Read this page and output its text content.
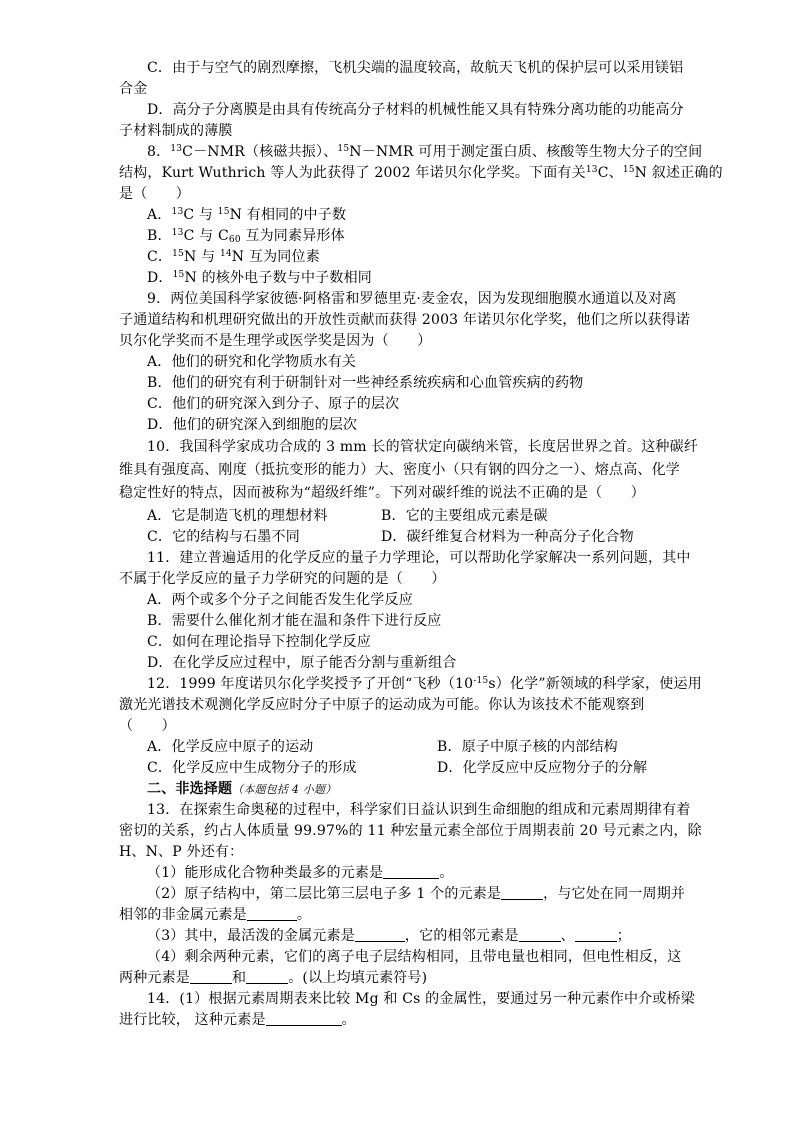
C．由于与空气的剧烈摩擦，飞机尖端的温度较高，故航天飞机的保护层可以采用镁铝
合金
D．高分子分离膜是由具有传统高分子材料的机械性能又具有特殊分离功能的功能高分
子材料制成的薄膜
8．$^{13}$C－NMR（核磁共振）、$^{15}$N－NMR 可用于测定蛋白质、核酸等生物大分子的空间
结构，Kurt Wuthrich 等人为此获得了 2002 年诺贝尔化学奖。下面有关$^{13}$C、$^{15}$N 叙述正确的
是（　　）
A．$^{13}$C 与 $^{15}$N 有相同的中子数
B．$^{13}$C 与 $C_{60}$ 互为同素异形体
C．$^{15}$N 与 $^{14}$N 互为同位素
D．$^{15}$N 的核外电子数与中子数相同
9．两位美国科学家彼德·阿格雷和罗德里克·麦金农，因为发现细胞膜水通道以及对离
子通道结构和机理研究做出的开放性贡献而获得 2003 年诺贝尔化学奖，他们之所以获得诺
贝尔化学奖而不是生理学或医学奖是因为（　　）
A．他们的研究和化学物质水有关
B．他们的研究有利于研制针对一些神经系统疾病和心血管疾病的药物
C．他们的研究深入到分子、原子的层次
D．他们的研究深入到细胞的层次
10．我国科学家成功合成的 3 mm 长的管状定向碳纳米管，长度居世界之首。这种碳纤
维具有强度高、刚度（抵抗变形的能力）大、密度小（只有钢的四分之一）、熔点高、化学
稳定性好的特点，因而被称为“超级纤维”。下列对碳纤维的说法不正确的是（　　）
A．它是制造飞机的理想材料	B．它的主要组成元素是碳
C．它的结构与石墨不同	D．碳纤维复合材料为一种高分子化合物
11．建立普遍适用的化学反应的量子力学理论，可以帮助化学家解决一系列问题，其中
不属于化学反应的量子力学研究的问题的是（　　）
A．两个或多个分子之间能否发生化学反应
B．需要什么催化剂才能在温和条件下进行反应
C．如何在理论指导下控制化学反应
D．在化学反应过程中，原子能否分割与重新组合
12．1999 年度诺贝尔化学奖授予了开创“飞秒$(10^{-15}s)$化学”新领域的科学家，使运用
激光光谱技术观测化学反应时分子中原子的运动成为可能。你认为该技术不能观察到
（　　）
A．化学反应中原子的运动	B．原子中原子核的内部结构
C．化学反应中生成物分子的形成	D．化学反应中反应物分子的分解
二、非选择题（本题包括 4 小题）
13．在探索生命奥秘的过程中，科学家们日益认识到生命细胞的组成和元素周期律有着
密切的关系，约占人体质量 99.97%的 11 种宏量元素全部位于周期表前 20 号元素之内，除
H、N、P 外还有：
（1）能形成化合物种类最多的元素是	。
（2）原子结构中，第二层比第三层电子多 1 个的元素是	，与它处在同一周期并
相邻的非金属元素是	。
（3）其中，最活泼的金属元素是	，它的相邻元素是	、	；
（4）剩余两种元素，它们的离子电子层结构相同，且带电量也相同，但电性相反，这
两种元素是	和	。(以上均填元素符号)
14．(1）根据元素周期表来比较 Mg 和 Cs 的金属性，要通过另一种元素作中介或桥梁
进行比较， 这种元素是	。
